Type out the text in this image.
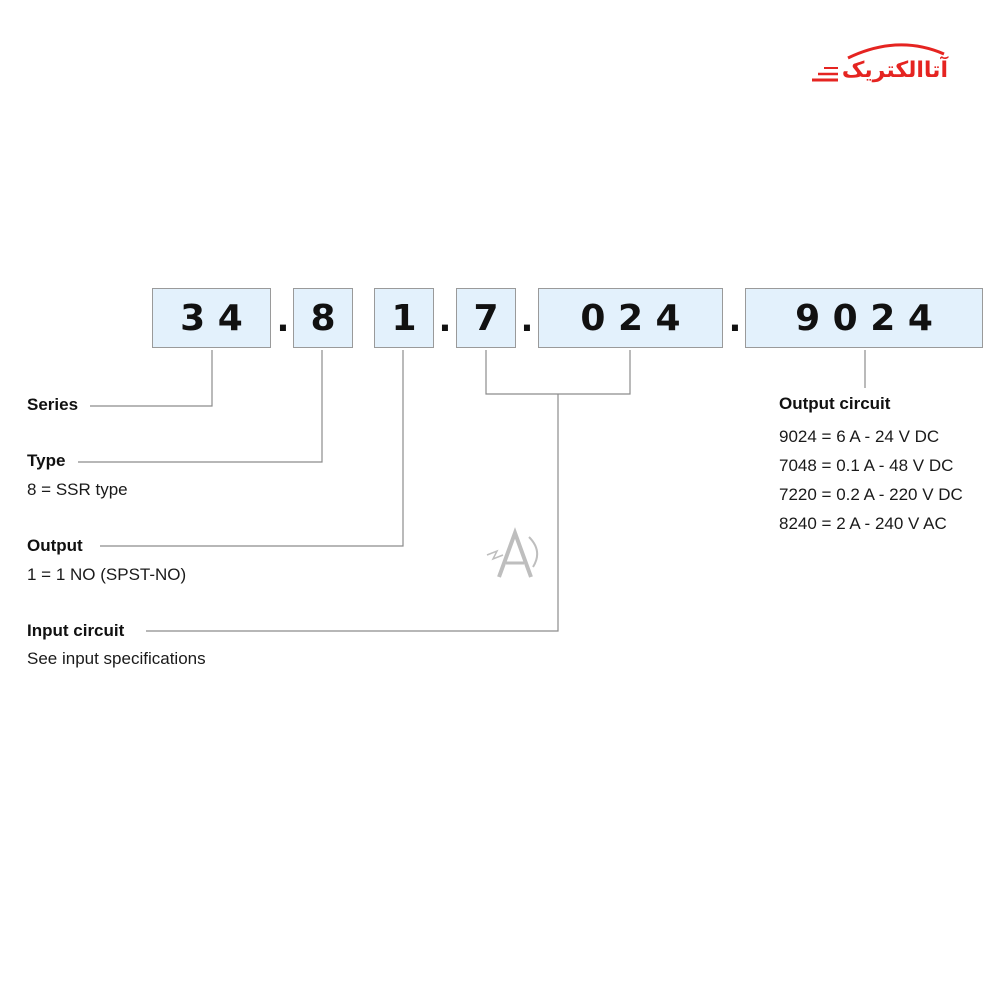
آتاالکتریک
3 4 . 8	1 . 7 .	0 2 4	.	9 0 2 4
Series
Type
8 = SSR type
Output
1 = 1 NO (SPST-NO)
Input circuit
See input specifications
Output circuit
9024 = 6 A - 24 V DC
7048 = 0.1 A - 48 V DC
7220 = 0.2 A - 220 V DC
8240 = 2 A - 240 V AC
